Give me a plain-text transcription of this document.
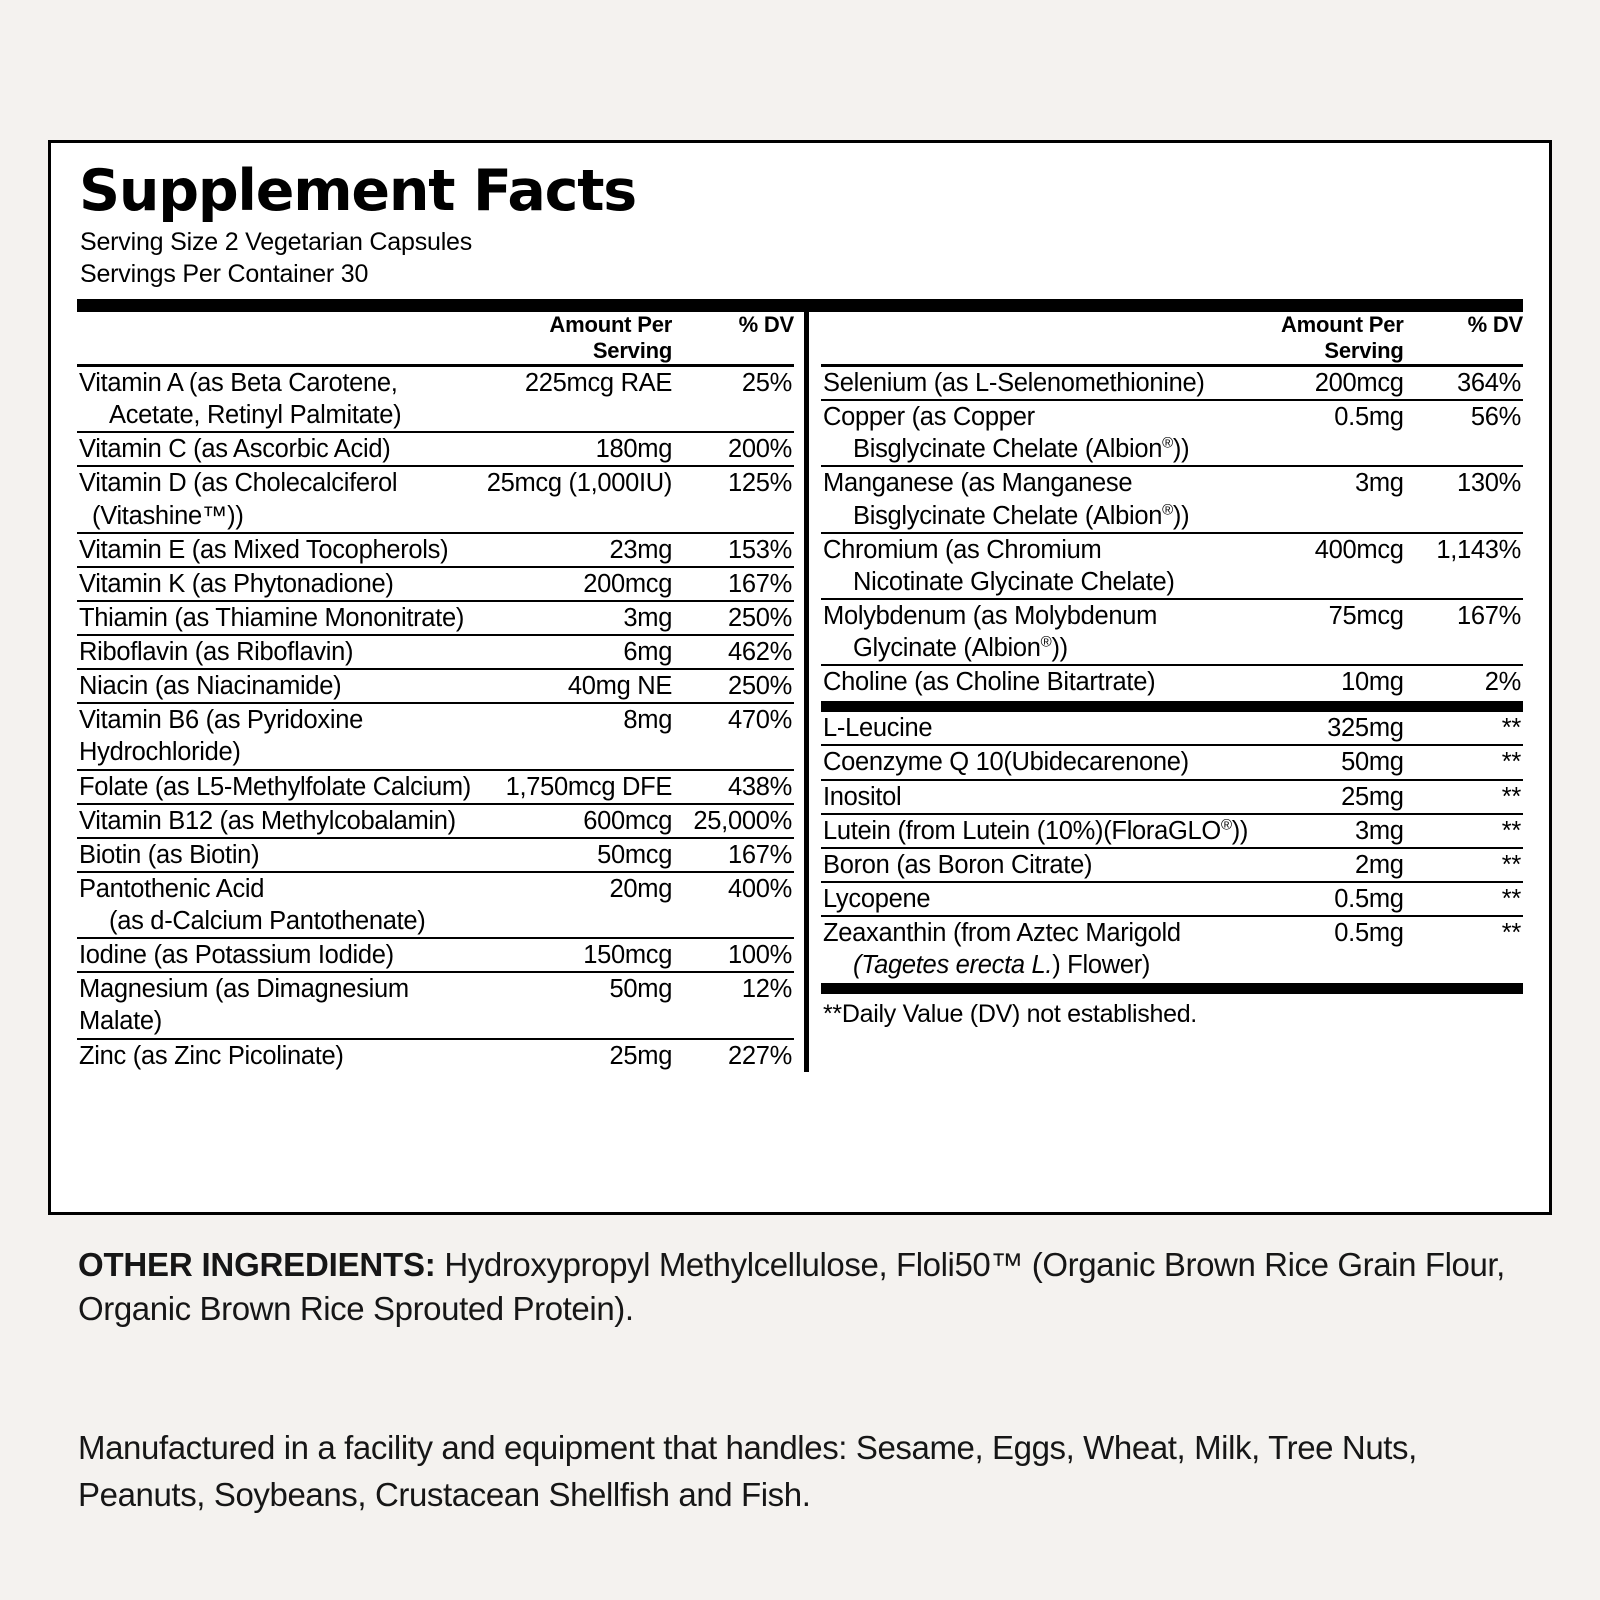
Supplement Facts
Serving Size 2 Vegetarian Capsules
Servings Per Container 30
	Amount Per Serving	% DV

Vitamin A (as Beta Carotene,
Acetate, Retinyl Palmitate)	225mcg RAE	25%
Vitamin C (as Ascorbic Acid)	180mg	200%
Vitamin D (as Cholecalciferol
(Vitashine™))	25mcg (1,000IU)	125%
Vitamin E (as Mixed Tocopherols)	23mg	153%
Vitamin K (as Phytonadione)	200mcg	167%
Thiamin (as Thiamine Mononitrate)	3mg	250%
Riboflavin (as Riboflavin)	6mg	462%
Niacin (as Niacinamide)	40mg NE	250%
Vitamin B6 (as Pyridoxine Hydrochloride)	8mg	470%
Folate (as L5-Methylfolate Calcium)	1,750mcg DFE	438%
Vitamin B12 (as Methylcobalamin)	600mcg	25,000%
Biotin (as Biotin)	50mcg	167%
Pantothenic Acid
(as d-Calcium Pantothenate)	20mg	400%
Iodine (as Potassium Iodide)	150mcg	100%
Magnesium (as Dimagnesium Malate)	50mg	12%
Zinc (as Zinc Picolinate)	25mg	227%
	Amount Per Serving	% DV

Selenium (as L-Selenomethionine)	200mcg	364%
Copper (as Copper
Bisglycinate Chelate (Albion®))	0.5mg	56%
Manganese (as Manganese
Bisglycinate Chelate (Albion®))	3mg	130%
Chromium (as Chromium
Nicotinate Glycinate Chelate)	400mcg	1,143%
Molybdenum (as Molybdenum
Glycinate (Albion®))	75mcg	167%
Choline (as Choline Bitartrate)	10mg	2%
L-Leucine	325mg	**
Coenzyme Q 10(Ubidecarenone)	50mg	**
Inositol	25mg	**
Lutein (from Lutein (10%)(FloraGLO®))	3mg	**
Boron (as Boron Citrate)	2mg	**
Lycopene	0.5mg	**
Zeaxanthin (from Aztec Marigold
(Tagetes erecta L.) Flower)	0.5mg	**
**Daily Value (DV) not established.
OTHER INGREDIENTS: Hydroxypropyl Methylcellulose, Floli50™ (Organic Brown Rice Grain Flour, Organic Brown Rice Sprouted Protein).
Manufactured in a facility and equipment that handles: Sesame, Eggs, Wheat, Milk, Tree Nuts, Peanuts, Soybeans, Crustacean Shellfish and Fish.
